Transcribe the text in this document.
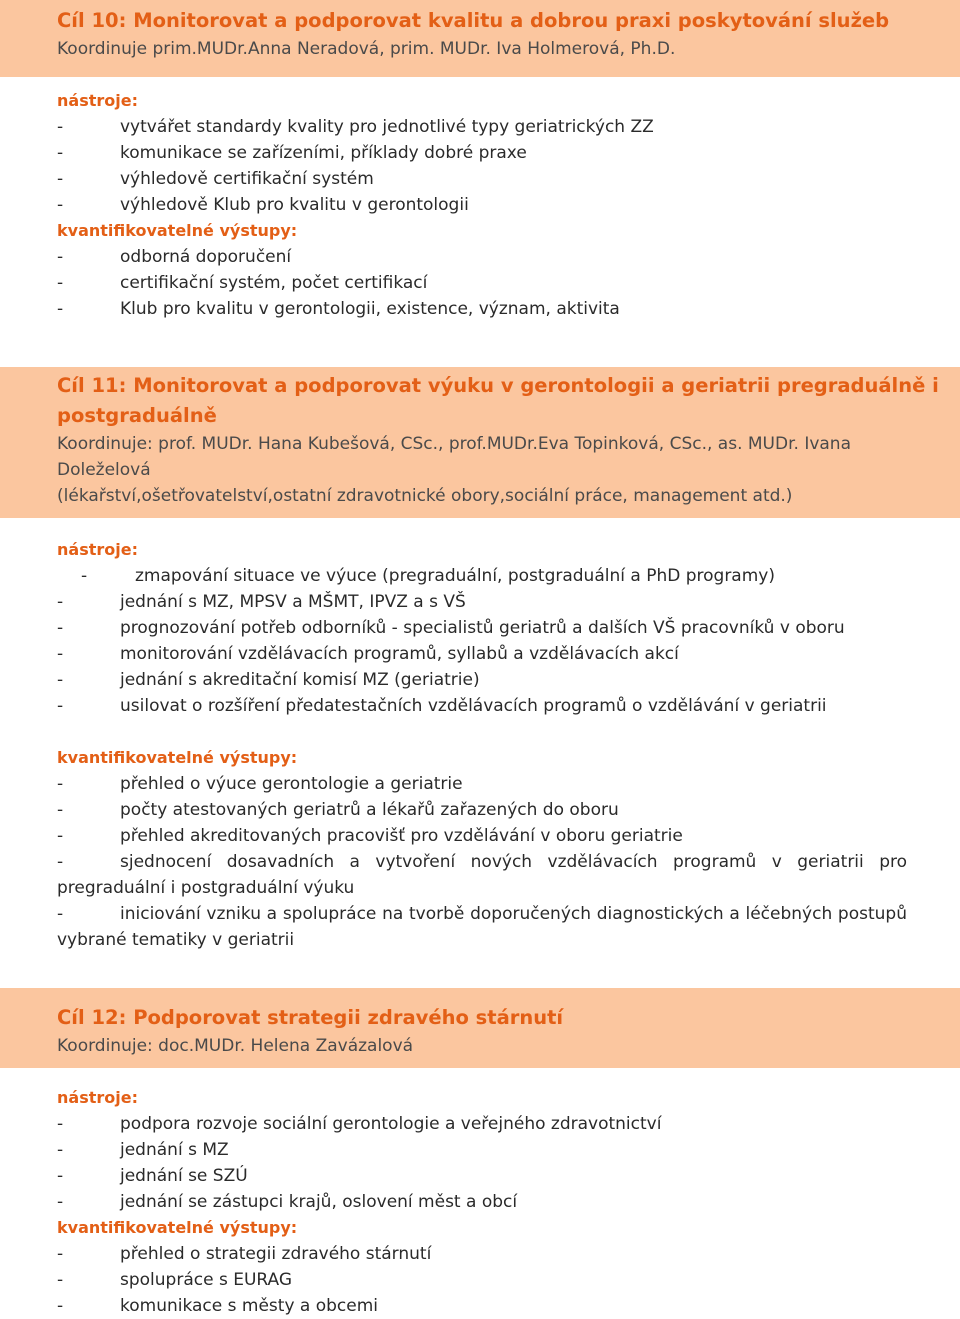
Cíl 10: Monitorovat a podporovat kvalitu a dobrou praxi poskytování služeb
Koordinuje prim.MUDr.Anna Neradová, prim. MUDr. Iva Holmerová, Ph.D.
nástroje:
-	vytvářet standardy kvality pro jednotlivé typy geriatrických ZZ
-	komunikace se zařízeními, příklady dobré praxe
-	výhledově certifikační systém
-	výhledově Klub pro kvalitu v gerontologii
kvantifikovatelné výstupy:
-	odborná doporučení
-	certifikační systém, počet certifikací
-	Klub pro kvalitu v gerontologii, existence, význam, aktivita
Cíl 11: Monitorovat a podporovat výuku v gerontologii a geriatrii pregraduálně i
postgraduálně
Koordinuje: prof. MUDr. Hana Kubešová, CSc., prof.MUDr.Eva Topinková, CSc., as. MUDr. Ivana Doleželová
(lékařství,ošetřovatelství,ostatní zdravotnické obory,sociální práce, management atd.)
nástroje:
-	zmapování situace ve výuce (pregraduální, postgraduální a PhD programy)
-	jednání s MZ, MPSV a MŠMT, IPVZ a s VŠ
-	prognozování potřeb odborníků - specialistů geriatrů a dalších VŠ pracovníků v oboru
-	monitorování vzdělávacích programů, syllabů a vzdělávacích akcí
-	jednání s akreditační komisí MZ (geriatrie)
-	usilovat o rozšíření předatestačních vzdělávacích programů o vzdělávání v geriatrii
kvantifikovatelné výstupy:
-	přehled o výuce gerontologie a geriatrie
-	počty atestovaných geriatrů a lékařů zařazených do oboru
-	přehled akreditovaných pracovišť pro vzdělávání v oboru geriatrie
-	sjednocení dosavadních a vytvoření nových vzdělávacích programů v geriatrii pro pregraduální i postgraduální výuku
-	iniciování vzniku a spolupráce na tvorbě doporučených diagnostických a léčebných postupů vybrané tematiky v geriatrii
Cíl 12: Podporovat strategii zdravého stárnutí
Koordinuje: doc.MUDr. Helena Zavázalová
nástroje:
-	podpora rozvoje sociální gerontologie a veřejného zdravotnictví
-	jednání s MZ
-	jednání se SZÚ
-	jednání se zástupci krajů, oslovení měst a obcí
kvantifikovatelné výstupy:
-	přehled o strategii zdravého stárnutí
-	spolupráce s EURAG
-	komunikace s městy a obcemi
